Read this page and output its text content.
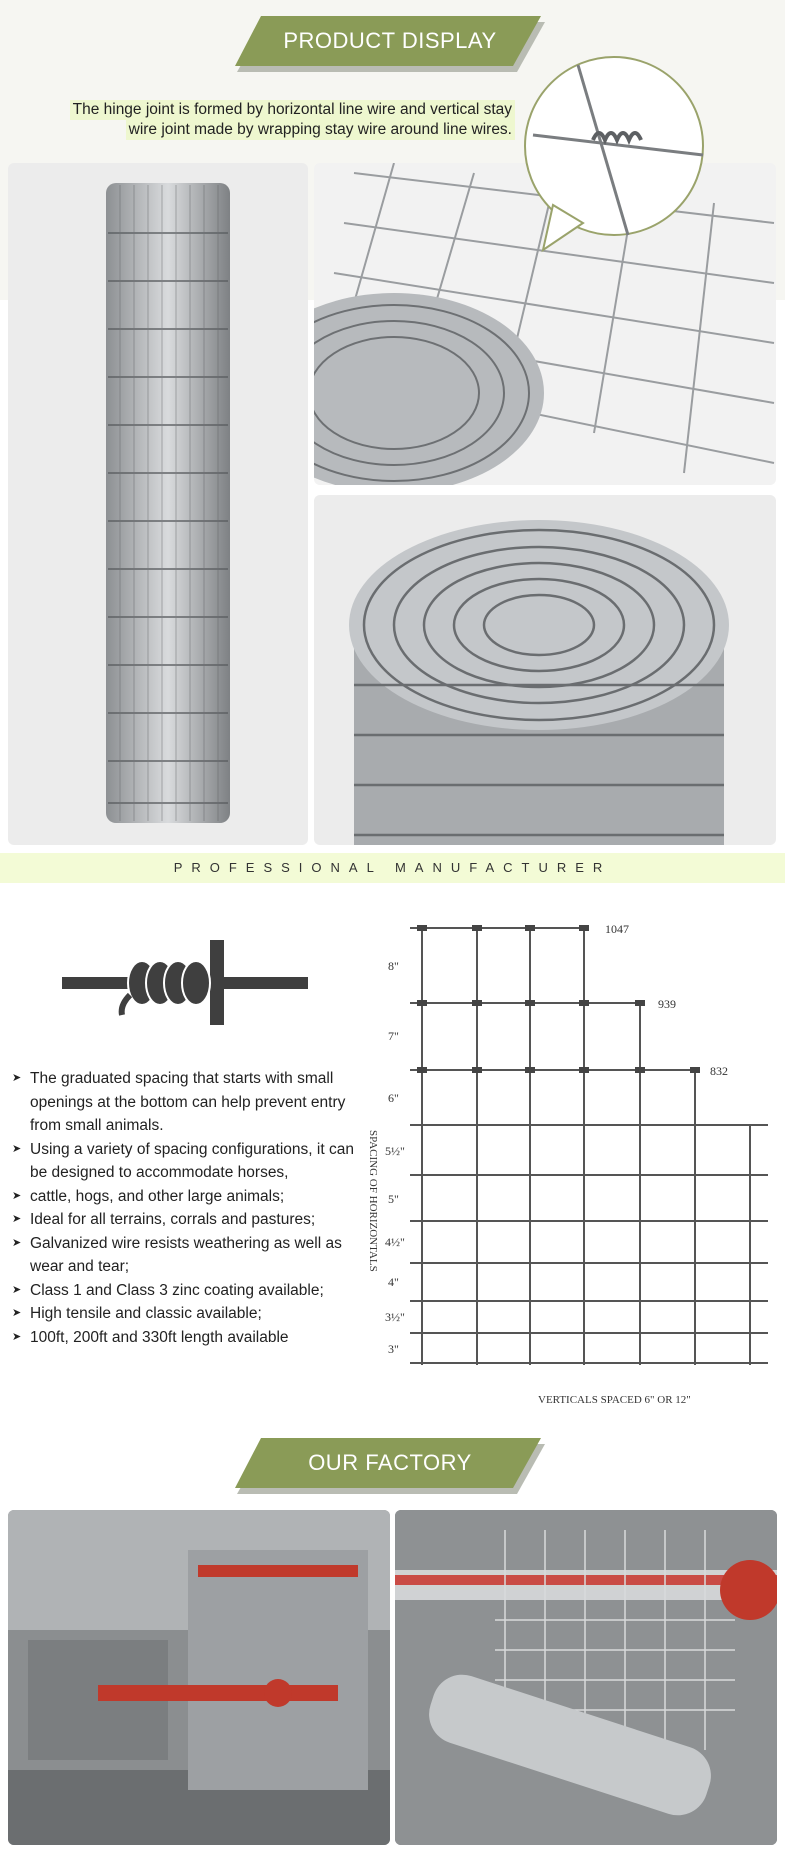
PRODUCT DISPLAY
The hinge joint is formed by horizontal line wire and vertical stay
wire joint made by wrapping stay wire around line wires.
PROFESSIONAL MANUFACTURER
➤ The graduated spacing that starts with small openings at the bottom can help prevent entry from small animals.
➤ Using a variety of spacing configurations, it can be designed to accommodate horses,
➤ cattle, hogs, and other large animals;
➤ Ideal for all terrains, corrals and pastures;
➤ Galvanized wire resists weathering as well as wear and tear;
➤ Class 1 and Class 3 zinc coating available;
➤ High tensile and classic available;
➤ 100ft, 200ft and 330ft length available
1047
939
832
8"
7"
6"
5½"
5"
4½"
4"
3½"
3"
SPACING OF HORIZONTALS
VERTICALS SPACED 6" OR 12"
OUR FACTORY
